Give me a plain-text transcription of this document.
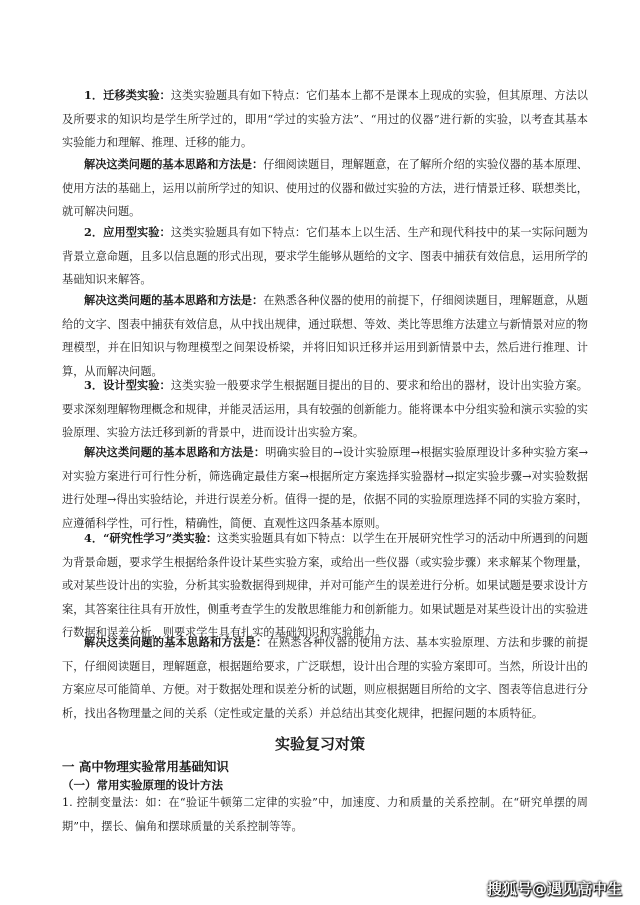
1．迁移类实验：这类实验题具有如下特点：它们基本上都不是课本上现成的实验，但其原理、方法以及所要求的知识均是学生所学过的，即用“学过的实验方法”、“用过的仪器”进行新的实验，以考查其基本实验能力和理解、推理、迁移的能力。
解决这类问题的基本思路和方法是：仔细阅读题目，理解题意，在了解所介绍的实验仪器的基本原理、使用方法的基础上，运用以前所学过的知识、使用过的仪器和做过实验的方法，进行情景迁移、联想类比，就可解决问题。
2．应用型实验：这类实验题具有如下特点：它们基本上以生活、生产和现代科技中的某一实际问题为背景立意命题，且多以信息题的形式出现，要求学生能够从题给的文字、图表中捕获有效信息，运用所学的基础知识来解答。
解决这类问题的基本思路和方法是：在熟悉各种仪器的使用的前提下，仔细阅读题目，理解题意，从题给的文字、图表中捕获有效信息，从中找出规律，通过联想、等效、类比等思维方法建立与新情景对应的物理模型，并在旧知识与物理模型之间架设桥梁，并将旧知识迁移并运用到新情景中去，然后进行推理、计算，从而解决问题。
3．设计型实验：这类实验一般要求学生根据题目提出的目的、要求和给出的器材，设计出实验方案。要求深刻理解物理概念和规律，并能灵活运用，具有较强的创新能力。能将课本中分组实验和演示实验的实验原理、实验方法迁移到新的背景中，进而设计出实验方案。
解决这类问题的基本思路和方法是：明确实验目的→设计实验原理→根据实验原理设计多种实验方案→对实验方案进行可行性分析，筛选确定最佳方案→根据所定方案选择实验器材→拟定实验步骤→对实验数据进行处理→得出实验结论，并进行误差分析。值得一提的是，依据不同的实验原理选择不同的实验方案时，应遵循科学性，可行性，精确性，简便、直观性这四条基本原则。
4．“研究性学习”类实验：这类实验题具有如下特点：以学生在开展研究性学习的活动中所遇到的问题为背景命题，要求学生根据给条件设计某些实验方案，或给出一些仪器（或实验步骤）来求解某个物理量，或对某些设计出的实验，分析其实验数据得到规律，并对可能产生的误差进行分析。如果试题是要求设计方案，其答案往往具有开放性，侧重考查学生的发散思维能力和创新能力。如果试题是对某些设计出的实验进行数据和误差分析，则要求学生具有扎实的基础知识和实验能力。
解决这类问题的基本思路和方法是：在熟悉各种仪器的使用方法、基本实验原理、方法和步骤的前提下，仔细阅读题目，理解题意，根据题给要求，广泛联想，设计出合理的实验方案即可。当然，所设计出的方案应尽可能简单、方便。对于数据处理和误差分析的试题，则应根据题目所给的文字、图表等信息进行分析，找出各物理量之间的关系（定性或定量的关系）并总结出其变化规律，把握问题的本质特征。
实验复习对策
一 高中物理实验常用基础知识
（一）常用实验原理的设计方法
1. 控制变量法：如：在“验证牛顿第二定律的实验”中，加速度、力和质量的关系控制。在“研究单摆的周期”中，摆长、偏角和摆球质量的关系控制等等。
搜狐号@遇见高中生
